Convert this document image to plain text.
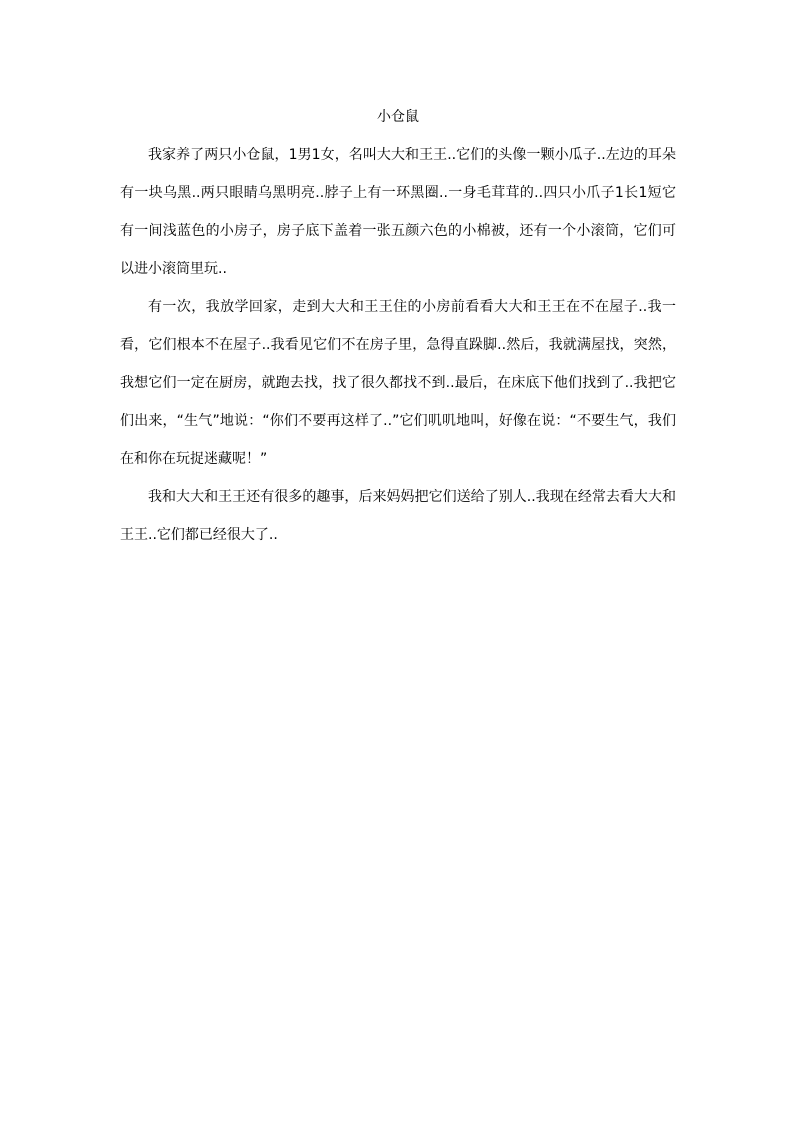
小仓鼠

我家养了两只小仓鼠，1男1女，名叫大大和王王..它们的头像一颗小瓜子..左边的耳朵有一块乌黑..两只眼睛乌黑明亮..脖子上有一环黑圈..一身毛茸茸的..四只小爪子1长1短它有一间浅蓝色的小房子，房子底下盖着一张五颜六色的小棉被，还有一个小滚筒，它们可以进小滚筒里玩..

有一次，我放学回家，走到大大和王王住的小房前看看大大和王王在不在屋子..我一看，它们根本不在屋子..我看见它们不在房子里，急得直跺脚..然后，我就满屋找，突然，我想它们一定在厨房，就跑去找，找了很久都找不到..最后，在床底下他们找到了..我把它们出来，“生气”地说：“你们不要再这样了..”它们叽叽地叫，好像在说：“不要生气，我们在和你在玩捉迷藏呢！”

我和大大和王王还有很多的趣事，后来妈妈把它们送给了别人..我现在经常去看大大和王王..它们都已经很大了..
